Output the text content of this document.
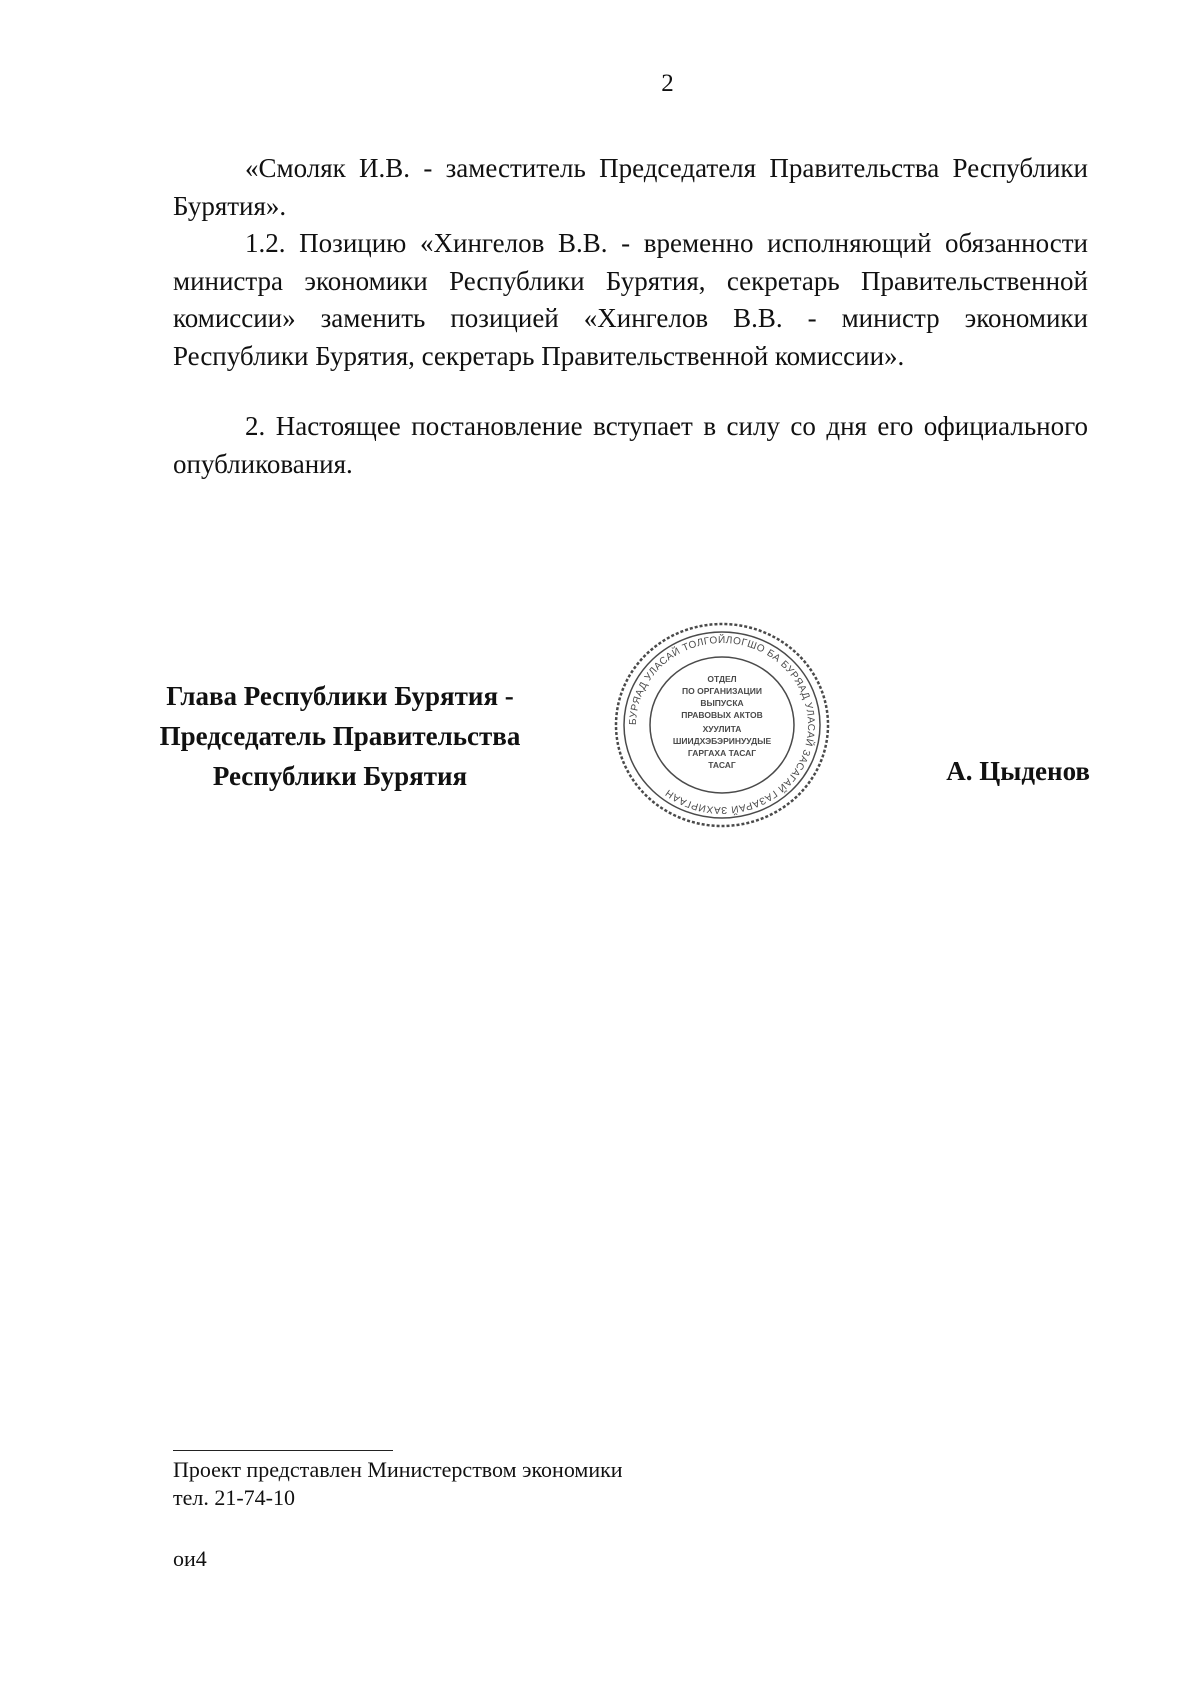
2

«Смоляк И.В. - заместитель Председателя Правительства Республики Бурятия».

1.2. Позицию «Хингелов В.В. - временно исполняющий обязанности министра экономики Республики Бурятия, секретарь Правительственной комиссии» заменить позицией «Хингелов В.В. - министр экономики Республики Бурятия, секретарь Правительственной комиссии».

2. Настоящее постановление вступает в силу со дня его официального опубликования.

Глава Республики Бурятия -
Председатель Правительства
Республики Бурятия
БУРЯАД УЛАСАЙ ТОЛГОЙЛОГШО БА БУРЯАД УЛАСАЙ ЗАСАГАЙ ГАЗАРАЙ ЗАХИРГААН
ОТДЕЛ
ПО ОРГАНИЗАЦИИ
ВЫПУСКА
ПРАВОВЫХ АКТОВ
ХУУЛИТА
ШИИДХЭБЭРИНУУДЫЕ
ГАРГАХА ТАСАГ
ТАСАГ	А. Цыденов
Проект представлен Министерством экономики
тел. 21-74-10
ои4
